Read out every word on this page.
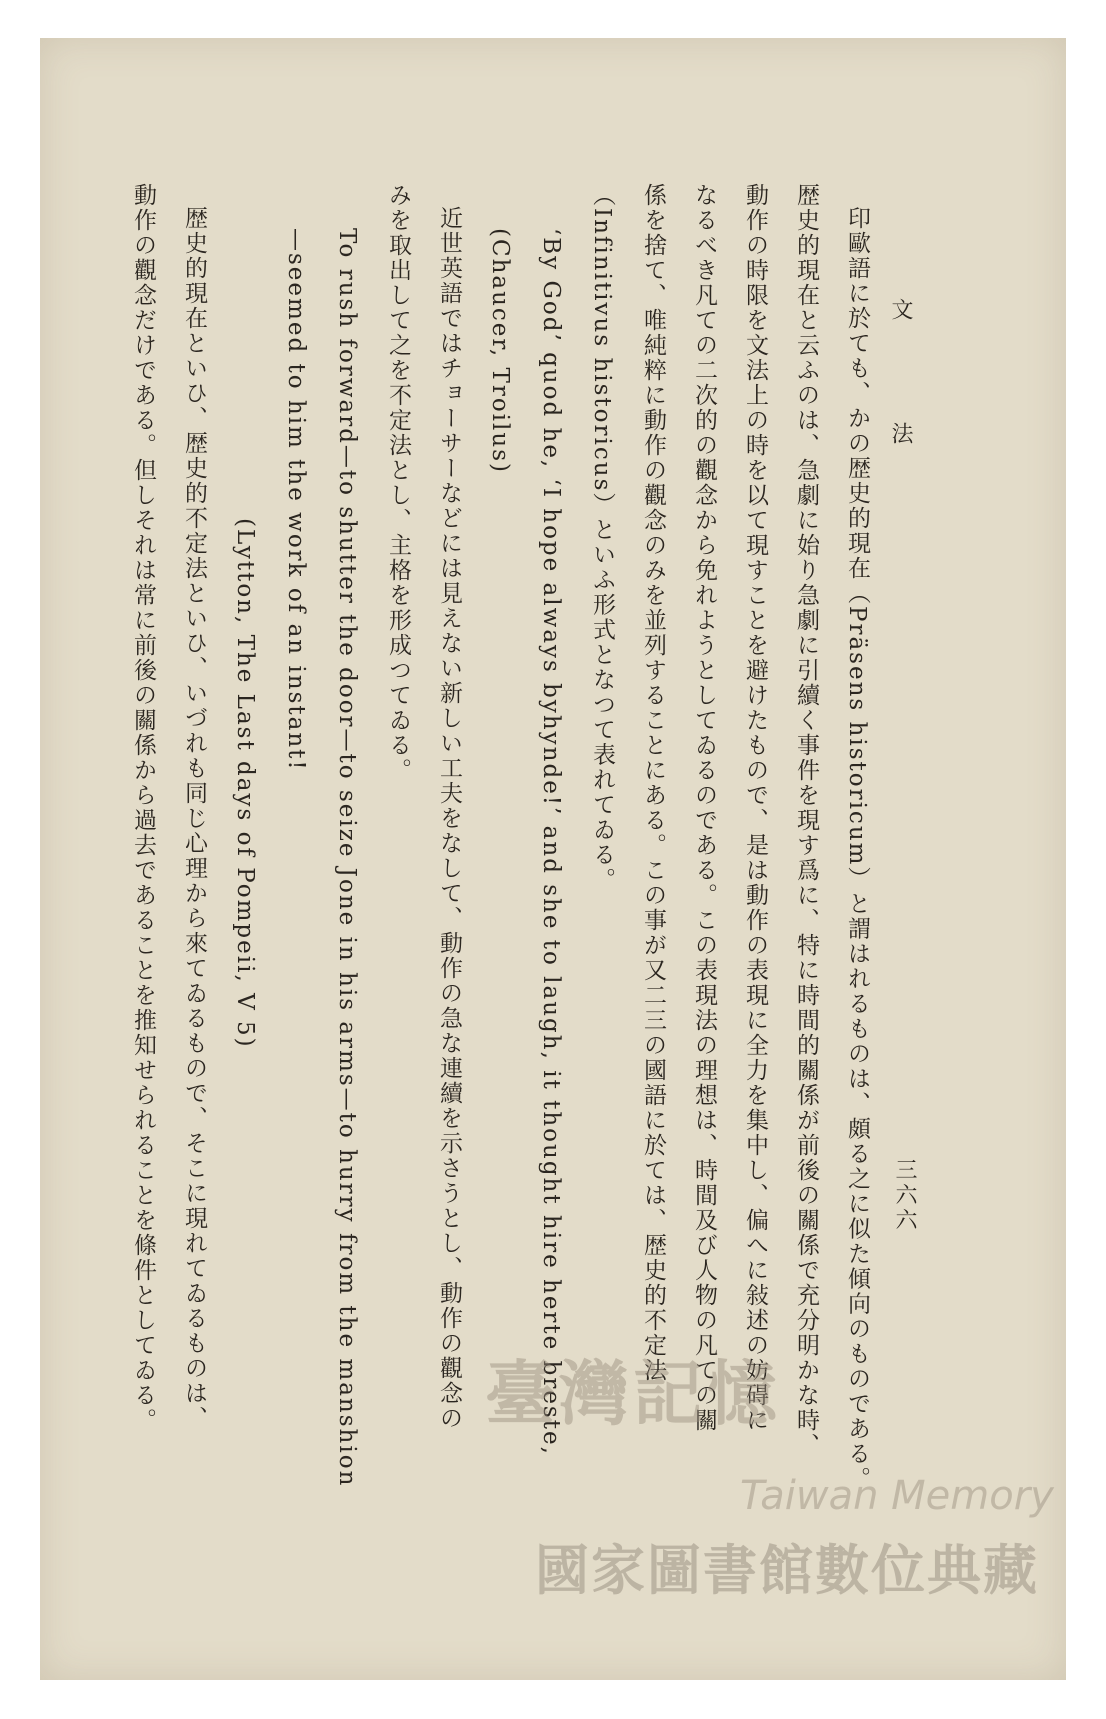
文　法
三六六
印歐語に於ても、かの歴史的現在（Präsens historicum）と謂はれるものは、頗る之に似た傾向のものである。
歴史的現在と云ふのは、急劇に始り急劇に引續く事件を現す爲に、特に時間的關係が前後の關係で充分明かな時、
動作の時限を文法上の時を以て現すことを避けたもので、是は動作の表現に全力を集中し、偏へに敍述の妨碍に
なるべき凡ての二次的の觀念から免れようとしてゐるのである。この表現法の理想は、時間及び人物の凡ての關
係を捨て、唯純粹に動作の觀念のみを並列することにある。この事が又二三の國語に於ては、歴史的不定法
（Infinitivus historicus）といふ形式となつて表れてゐる。
‘By God’ quod he, ‘I hope always byhynde!’ and she to laugh, it thought hire herte breste,
(Chaucer, Troilus)
近世英語ではチョーサーなどには見えない新しい工夫をなして、動作の急な連續を示さうとし、動作の觀念の
みを取出して之を不定法とし、主格を形成つてゐる。
To rush forward—to shutter the door—to seize Jone in his arms—to hurry from the manshion
—seemed to him the work of an instant!
(Lytton, The Last days of Pompeii, V 5)
歴史的現在といひ、歴史的不定法といひ、いづれも同じ心理から來てゐるもので、そこに現れてゐるものは、
動作の觀念だけである。但しそれは常に前後の關係から過去であることを推知せられることを條件としてゐる。	臺灣記憶
Taiwan Memory
國家圖書館數位典藏
